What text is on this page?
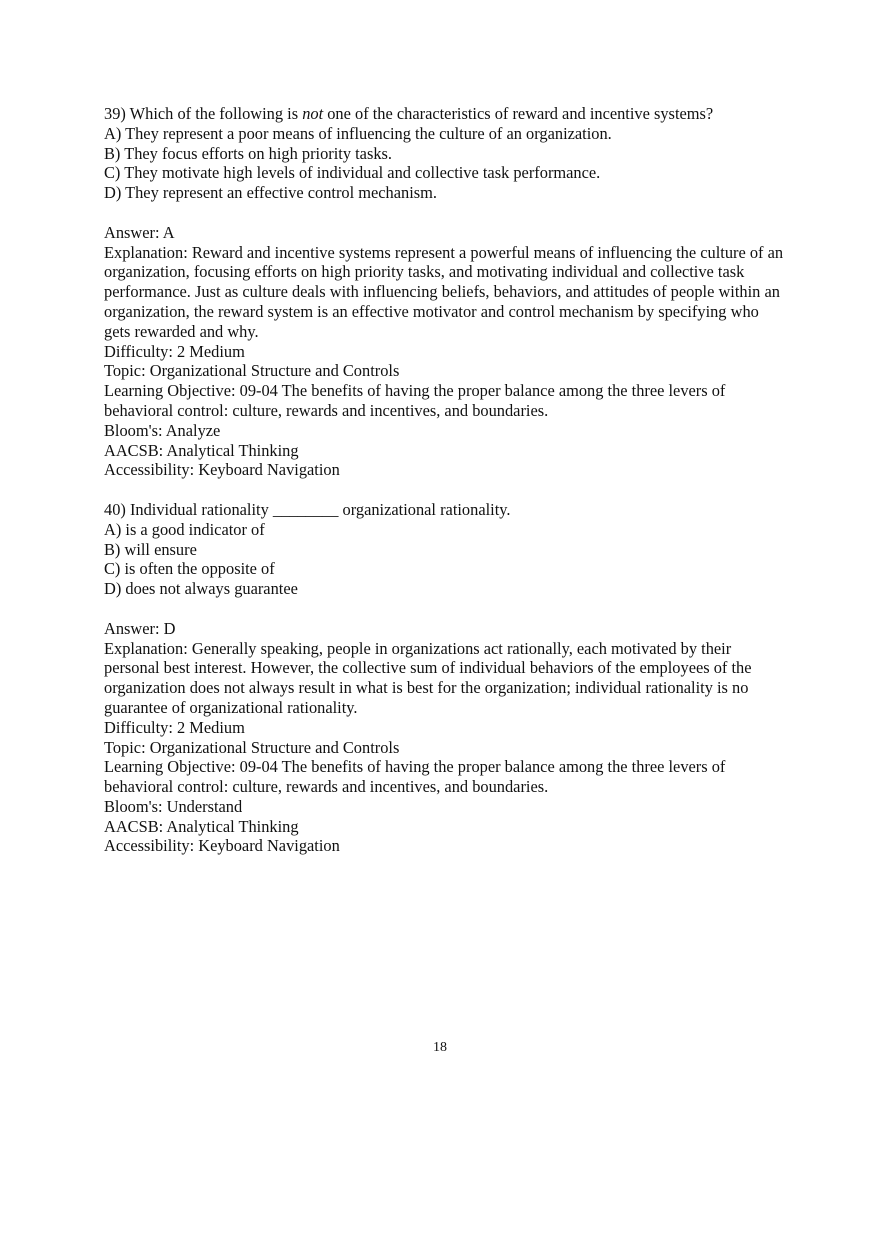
39) Which of the following is not one of the characteristics of reward and incentive systems?
A) They represent a poor means of influencing the culture of an organization.
B) They focus efforts on high priority tasks.
C) They motivate high levels of individual and collective task performance.
D) They represent an effective control mechanism.
Answer: A
Explanation: Reward and incentive systems represent a powerful means of influencing the culture of an organization, focusing efforts on high priority tasks, and motivating individual and collective task performance. Just as culture deals with influencing beliefs, behaviors, and attitudes of people within an organization, the reward system is an effective motivator and control mechanism by specifying who gets rewarded and why.
Difficulty: 2 Medium
Topic: Organizational Structure and Controls
Learning Objective: 09-04 The benefits of having the proper balance among the three levers of behavioral control: culture, rewards and incentives, and boundaries.
Bloom's: Analyze
AACSB: Analytical Thinking
Accessibility: Keyboard Navigation
40) Individual rationality ________ organizational rationality.
A) is a good indicator of
B) will ensure
C) is often the opposite of
D) does not always guarantee
Answer: D
Explanation: Generally speaking, people in organizations act rationally, each motivated by their personal best interest. However, the collective sum of individual behaviors of the employees of the organization does not always result in what is best for the organization; individual rationality is no guarantee of organizational rationality.
Difficulty: 2 Medium
Topic: Organizational Structure and Controls
Learning Objective: 09-04 The benefits of having the proper balance among the three levers of behavioral control: culture, rewards and incentives, and boundaries.
Bloom's: Understand
AACSB: Analytical Thinking
Accessibility: Keyboard Navigation
18
